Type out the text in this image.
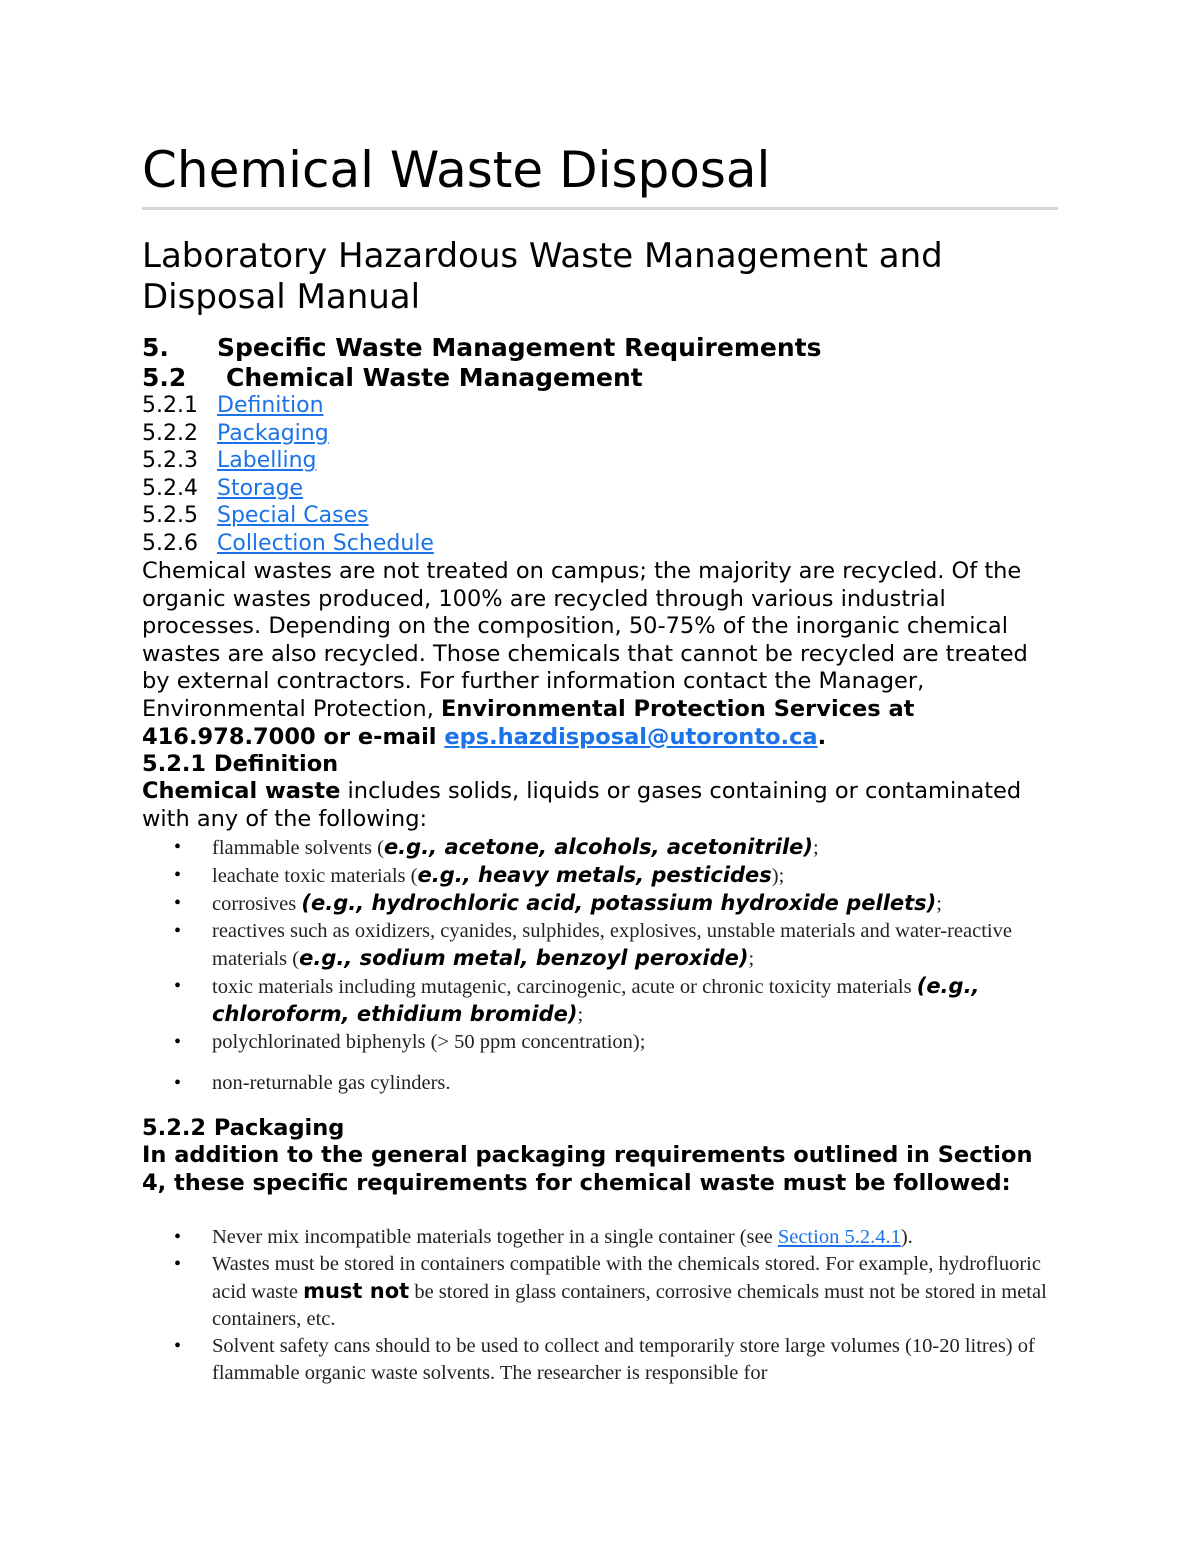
Chemical Waste Disposal
Laboratory Hazardous Waste Management and Disposal Manual
5. Specific Waste Management Requirements
5.2 Chemical Waste Management
5.2.1 Definition
5.2.2 Packaging
5.2.3 Labelling
5.2.4 Storage
5.2.5 Special Cases
5.2.6 Collection Schedule

Chemical wastes are not treated on campus; the majority are recycled. Of the organic wastes produced, 100% are recycled through various industrial processes. Depending on the composition, 50-75% of the inorganic chemical wastes are also recycled. Those chemicals that cannot be recycled are treated by external contractors. For further information contact the Manager, Environmental Protection, Environmental Protection Services at 416.978.7000 or e-mail eps.hazdisposal@utoronto.ca.

5.2.1 Definition

Chemical waste includes solids, liquids or gases containing or contaminated with any of the following:

• flammable solvents (e.g., acetone, alcohols, acetonitrile);
• leachate toxic materials (e.g., heavy metals, pesticides);
• corrosives (e.g., hydrochloric acid, potassium hydroxide pellets);
• reactives such as oxidizers, cyanides, sulphides, explosives, unstable materials and water-reactive materials (e.g., sodium metal, benzoyl peroxide);
• toxic materials including mutagenic, carcinogenic, acute or chronic toxicity materials (e.g., chloroform, ethidium bromide);
• polychlorinated biphenyls (> 50 ppm concentration);
• non-returnable gas cylinders.
5.2.2 Packaging

In addition to the general packaging requirements outlined in Section 4, these specific requirements for chemical waste must be followed:

• Never mix incompatible materials together in a single container (see Section 5.2.4.1).
• Wastes must be stored in containers compatible with the chemicals stored. For example, hydrofluoric acid waste must not be stored in glass containers, corrosive chemicals must not be stored in metal containers, etc.
• Solvent safety cans should to be used to collect and temporarily store large volumes (10-20 litres) of flammable organic waste solvents. The researcher is responsible for
